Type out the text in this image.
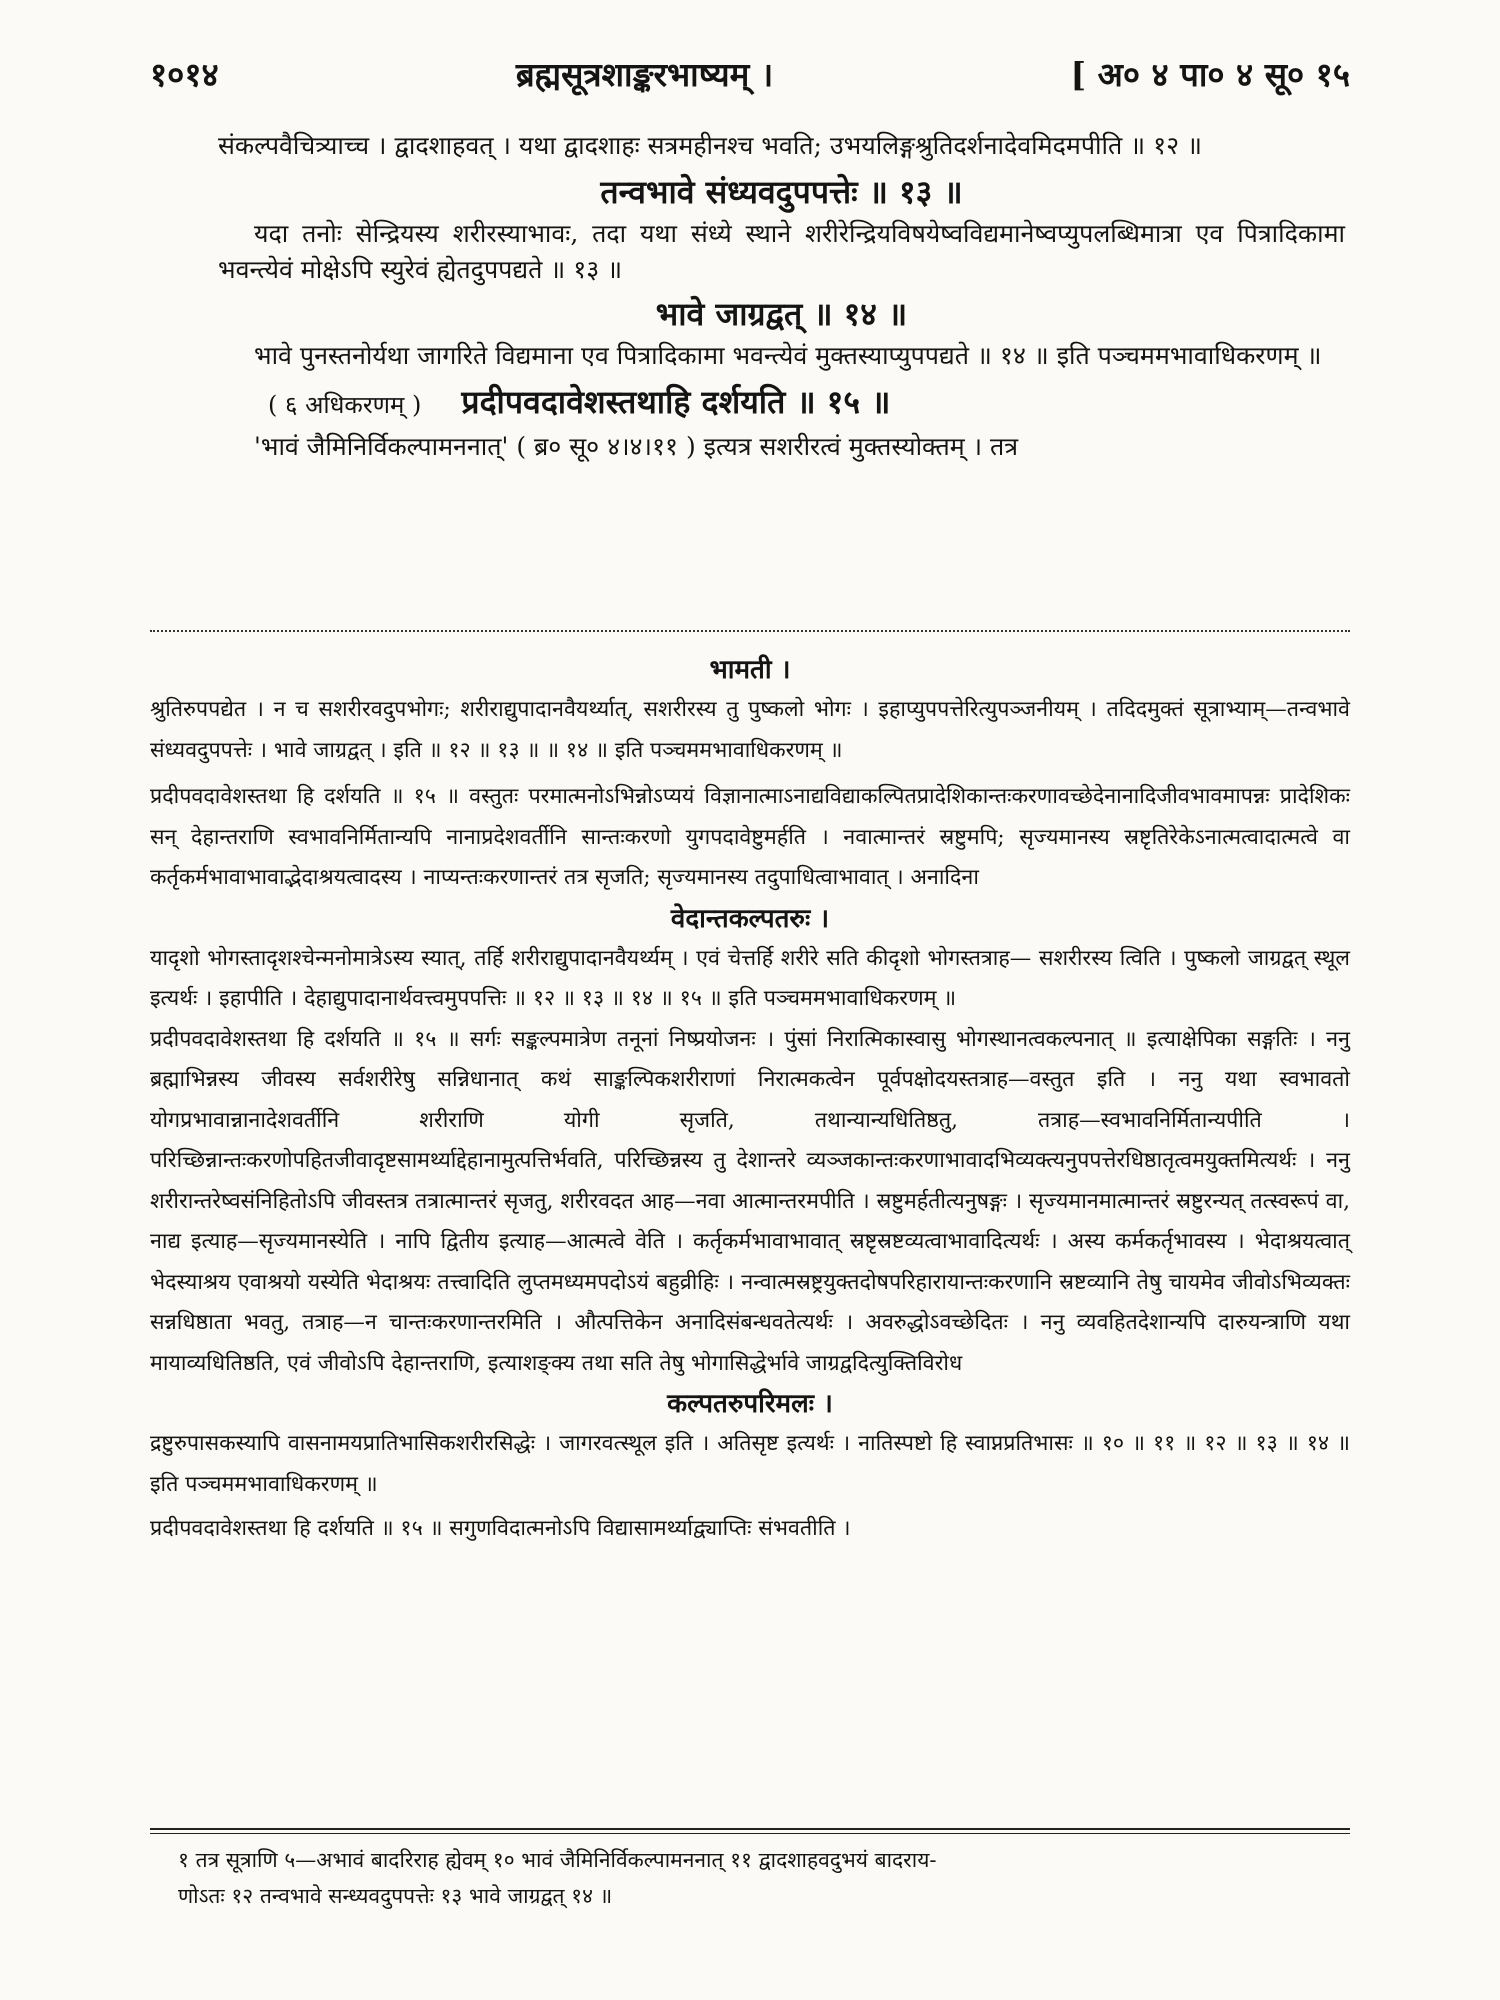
१०१४	ब्रह्मसूत्रशाङ्करभाष्यम् ।	[ अ० ४ पा० ४ सू० १५

संकल्पवैचित्र्याच्च । द्वादशाहवत् । यथा द्वादशाहः सत्रमहीनश्च भवति; उभयलिङ्गश्रुतिदर्शनादेवमिदमपीति ॥ १२ ॥

तन्वभावे संध्यवदुपपत्तेः ॥ १३ ॥

यदा तनोः सेन्द्रियस्य शरीरस्याभावः, तदा यथा संध्ये स्थाने शरीरेन्द्रियविषयेष्वविद्यमानेष्वप्युपलब्धिमात्रा एव पित्रादिकामा भवन्त्येवं मोक्षेऽपि स्युरेवं ह्येतदुपपद्यते ॥ १३ ॥

भावे जाग्रद्वत् ॥ १४ ॥

भावे पुनस्तनोर्यथा जागरिते विद्यमाना एव पित्रादिकामा भवन्त्येवं मुक्तस्याप्युपपद्यते ॥ १४ ॥ इति पञ्चममभावाधिकरणम् ॥

( ६ अधिकरणम् ) प्रदीपवदावेशस्तथाहि दर्शयति ॥ १५ ॥

'भावं जैमिनिर्विकल्पामननात्' ( ब्र० सू० ४।४।११ ) इत्यत्र सशरीरत्वं मुक्तस्योक्तम् । तत्र

भामती ।

श्रुतिरुपपद्येत । न च सशरीरवदुपभोगः; शरीराद्युपादानवैयर्थ्यात्, सशरीरस्य तु पुष्कलो भोगः । इहाप्युपपत्तेरित्युपञ्जनीयम् । तदिदमुक्तं सूत्राभ्याम्—तन्वभावे संध्यवदुपपत्तेः । भावे जाग्रद्वत् । इति ॥ १२ ॥ १३ ॥ ॥ १४ ॥ इति पञ्चममभावाधिकरणम् ॥

प्रदीपवदावेशस्तथा हि दर्शयति ॥ १५ ॥ वस्तुतः परमात्मनोऽभिन्नोऽप्ययं विज्ञानात्माऽनाद्यविद्याकल्पितप्रादेशिकान्तःकरणावच्छेदेनानादिजीवभावमापन्नः प्रादेशिकः सन् देहान्तराणि स्वभावनिर्मितान्यपि नानाप्रदेशवर्तीनि सान्तःकरणो युगपदावेष्टुमर्हति । नवात्मान्तरं स्रष्टुमपि; सृज्यमानस्य स्रष्टृतिरेकेऽनात्मत्वादात्मत्वे वा कर्तृकर्मभावाभावाद्भेदाश्रयत्वादस्य । नाप्यन्तःकरणान्तरं तत्र सृजति; सृज्यमानस्य तदुपाधित्वाभावात् । अनादिना

वेदान्तकल्पतरुः ।

यादृशो भोगस्तादृशश्चेन्मनोमात्रेऽस्य स्यात्, तर्हि शरीराद्युपादानवैयर्थ्यम् । एवं चेत्तर्हि शरीरे सति कीदृशो भोगस्तत्राह— सशरीरस्य त्विति । पुष्कलो जाग्रद्वत् स्थूल इत्यर्थः । इहापीति । देहाद्युपादानार्थवत्त्वमुपपत्तिः ॥ १२ ॥ १३ ॥ १४ ॥ १५ ॥ इति पञ्चममभावाधिकरणम् ॥

प्रदीपवदावेशस्तथा हि दर्शयति ॥ १५ ॥ सर्गः सङ्कल्पमात्रेण तनूनां निष्प्रयोजनः । पुंसां निरात्मिकास्वासु भोगस्थानत्वकल्पनात् ॥ इत्याक्षेपिका सङ्गतिः । ननु ब्रह्माभिन्नस्य जीवस्य सर्वशरीरेषु सन्निधानात् कथं साङ्कल्पिकशरीराणां निरात्मकत्वेन पूर्वपक्षोदयस्तत्राह—वस्तुत इति । ननु यथा स्वभावतो योगप्रभावान्नानादेशवर्तीनि शरीराणि योगी सृजति, तथान्यान्यधितिष्ठतु, तत्राह—स्वभावनिर्मितान्यपीति । परिच्छिन्नान्तःकरणोपहितजीवादृष्टसामर्थ्याद्देहानामुत्पत्तिर्भवति, परिच्छिन्नस्य तु देशान्तरे व्यञ्जकान्तःकरणाभावादभिव्यक्त्यनुपपत्तेरधिष्ठातृत्वमयुक्तमित्यर्थः । ननु शरीरान्तरेष्वसंनिहितोऽपि जीवस्तत्र तत्रात्मान्तरं सृजतु, शरीरवदत आह—नवा आत्मान्तरमपीति । स्रष्टुमर्हतीत्यनुषङ्गः । सृज्यमानमात्मान्तरं स्रष्टुरन्यत् तत्स्वरूपं वा, नाद्य इत्याह—सृज्यमानस्येति । नापि द्वितीय इत्याह—आत्मत्वे वेति । कर्तृकर्मभावाभावात् स्रष्टृस्रष्टव्यत्वाभावादित्यर्थः । अस्य कर्मकर्तृभावस्य । भेदाश्रयत्वात् भेदस्याश्रय एवाश्रयो यस्येति भेदाश्रयः तत्त्वादिति लुप्तमध्यमपदोऽयं बहुव्रीहिः । नन्वात्मस्रष्ट्रयुक्तदोषपरिहारायान्तःकरणानि स्रष्टव्यानि तेषु चायमेव जीवोऽभिव्यक्तः सन्नधिष्ठाता भवतु, तत्राह—न चान्तःकरणान्तरमिति । औत्पत्तिकेन अनादिसंबन्धवतेत्यर्थः । अवरुद्धोऽवच्छेदितः । ननु व्यवहितदेशान्यपि दारुयन्त्राणि यथा मायाव्यधितिष्ठति, एवं जीवोऽपि देहान्तराणि, इत्याशङ्क्य तथा सति तेषु भोगासिद्धेर्भावे जाग्रद्वदित्युक्तिविरोध

कल्पतरुपरिमलः ।

द्रष्टुरुपासकस्यापि वासनामयप्रातिभासिकशरीरसिद्धेः । जागरवत्स्थूल इति । अतिसृष्ट इत्यर्थः । नातिस्पष्टो हि स्वाप्नप्रतिभासः ॥ १० ॥ ११ ॥ १२ ॥ १३ ॥ १४ ॥ इति पञ्चममभावाधिकरणम् ॥

प्रदीपवदावेशस्तथा हि दर्शयति ॥ १५ ॥ सगुणविदात्मनोऽपि विद्यासामर्थ्याद्व्याप्तिः संभवतीति ।

१ तत्र सूत्राणि ५—अभावं बादरिराह ह्येवम् १० भावं जैमिनिर्विकल्पामननात् ११ द्वादशाहवदुभयं बादराय-

णोऽतः १२ तन्वभावे सन्ध्यवदुपपत्तेः १३ भावे जाग्रद्वत् १४ ॥
